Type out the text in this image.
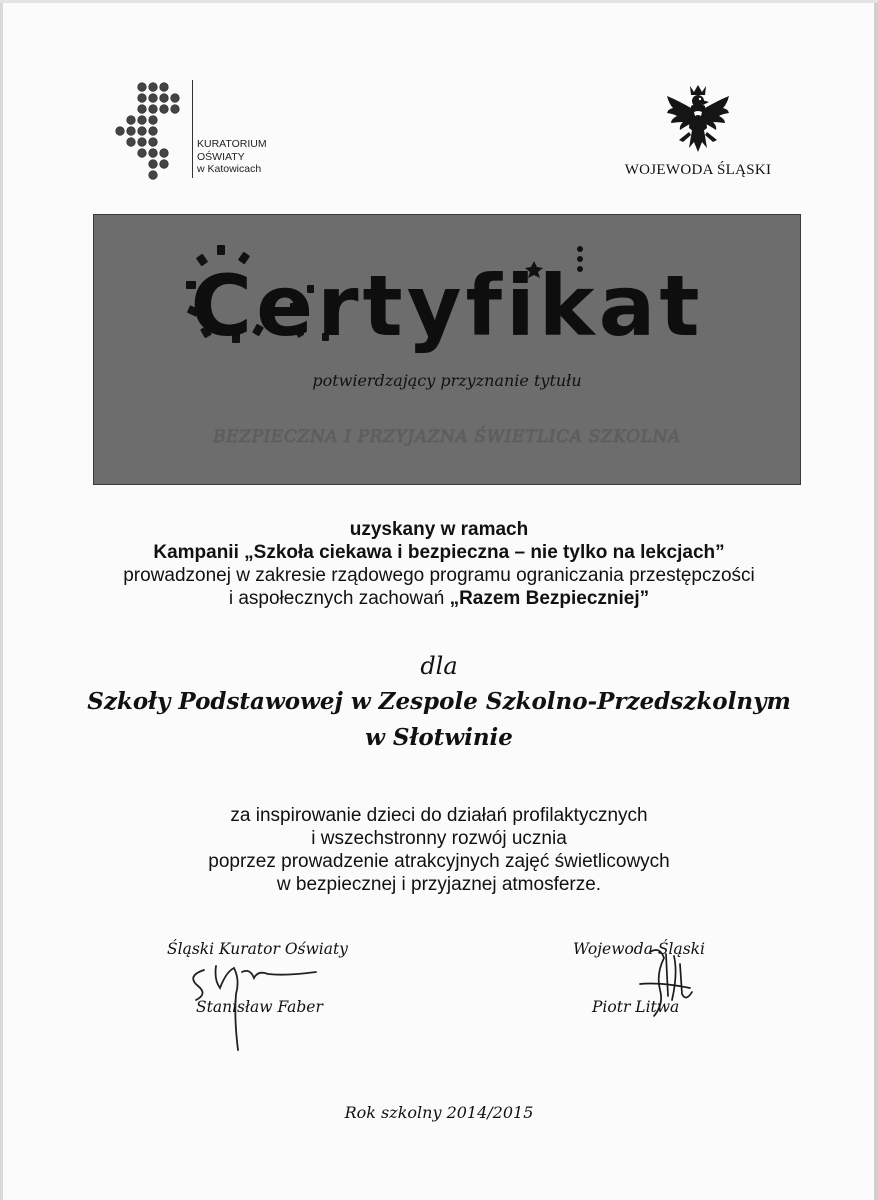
KURATORIUM
OŚWIATY
w Katowicach	WOJEWODA ŚLĄSKI
Certyfikat
potwierdzający przyznanie tytułu
BEZPIECZNA I PRZYJAZNA ŚWIETLICA SZKOLNA
uzyskany w ramach
Kampanii „Szkoła ciekawa i bezpieczna – nie tylko na lekcjach”
prowadzonej w zakresie rządowego programu ograniczania przestępczości
i aspołecznych zachowań „Razem Bezpieczniej”
dla
Szkoły Podstawowej w Zespole Szkolno-Przedszkolnym
w Słotwinie
za inspirowanie dzieci do działań profilaktycznych
i wszechstronny rozwój ucznia
poprzez prowadzenie atrakcyjnych zajęć świetlicowych
w bezpiecznej i przyjaznej atmosferze.
Śląski Kurator Oświaty
Stanisław Faber
Wojewoda Śląski
Piotr Litwa
Rok szkolny 2014/2015
